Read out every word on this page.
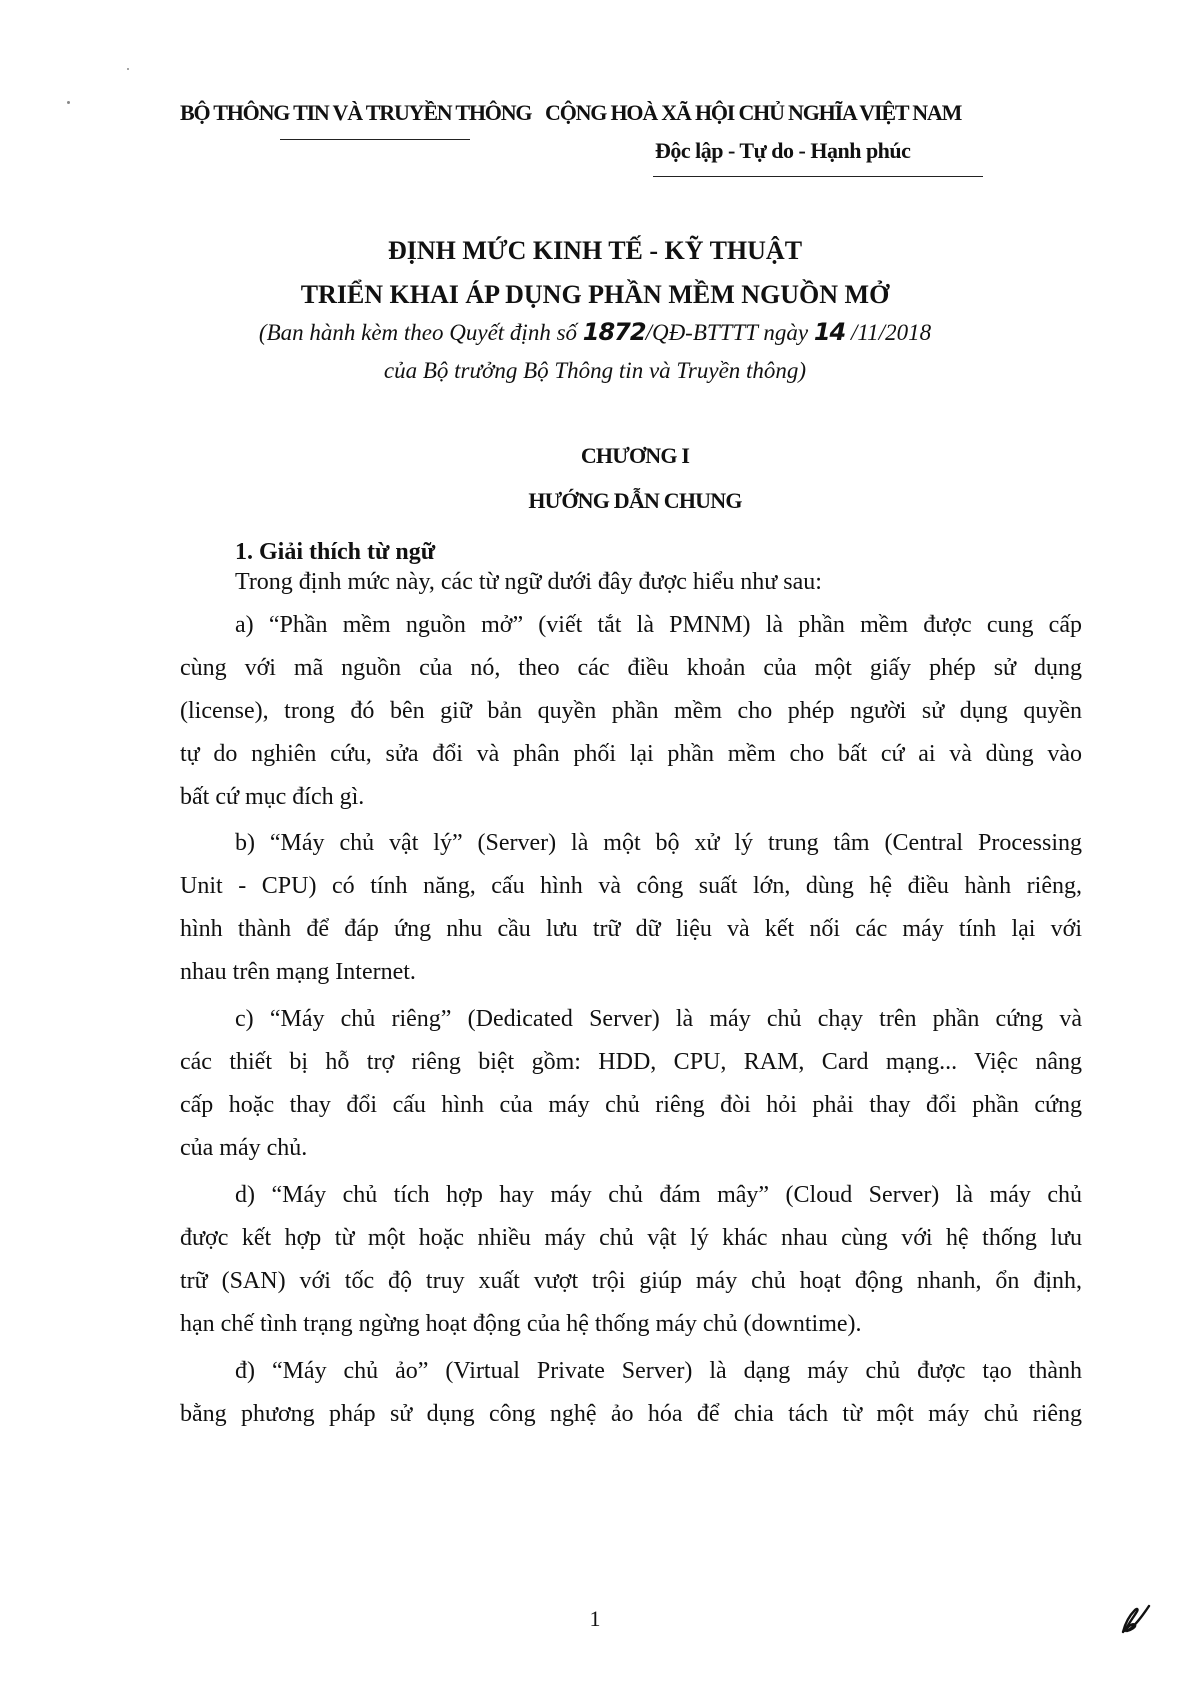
BỘ THÔNG TIN VÀ TRUYỀN THÔNG CỘNG HOÀ XÃ HỘI CHỦ NGHĨA VIỆT NAM
Độc lập - Tự do - Hạnh phúc
ĐỊNH MỨC KINH TẾ - KỸ THUẬT
TRIỂN KHAI ÁP DỤNG PHẦN MỀM NGUỒN MỞ
(Ban hành kèm theo Quyết định số 1872/QĐ-BTTTT ngày 14 /11/2018
của Bộ trưởng Bộ Thông tin và Truyền thông)
CHƯƠNG I
HƯỚNG DẪN CHUNG
1. Giải thích từ ngữ
Trong định mức này, các từ ngữ dưới đây được hiểu như sau:
a) “Phần mềm nguồn mở” (viết tắt là PMNM) là phần mềm được cung cấp
cùng với mã nguồn của nó, theo các điều khoản của một giấy phép sử dụng
(license), trong đó bên giữ bản quyền phần mềm cho phép người sử dụng quyền
tự do nghiên cứu, sửa đổi và phân phối lại phần mềm cho bất cứ ai và dùng vào
bất cứ mục đích gì.
b) “Máy chủ vật lý” (Server) là một bộ xử lý trung tâm (Central Processing
Unit - CPU) có tính năng, cấu hình và công suất lớn, dùng hệ điều hành riêng,
hình thành để đáp ứng nhu cầu lưu trữ dữ liệu và kết nối các máy tính lại với
nhau trên mạng Internet.
c) “Máy chủ riêng” (Dedicated Server) là máy chủ chạy trên phần cứng và
các thiết bị hỗ trợ riêng biệt gồm: HDD, CPU, RAM, Card mạng... Việc nâng
cấp hoặc thay đổi cấu hình của máy chủ riêng đòi hỏi phải thay đổi phần cứng
của máy chủ.
d) “Máy chủ tích hợp hay máy chủ đám mây” (Cloud Server) là máy chủ
được kết hợp từ một hoặc nhiều máy chủ vật lý khác nhau cùng với hệ thống lưu
trữ (SAN) với tốc độ truy xuất vượt trội giúp máy chủ hoạt động nhanh, ổn định,
hạn chế tình trạng ngừng hoạt động của hệ thống máy chủ (downtime).
đ) “Máy chủ ảo” (Virtual Private Server) là dạng máy chủ được tạo thành
bằng phương pháp sử dụng công nghệ ảo hóa để chia tách từ một máy chủ riêng
1
